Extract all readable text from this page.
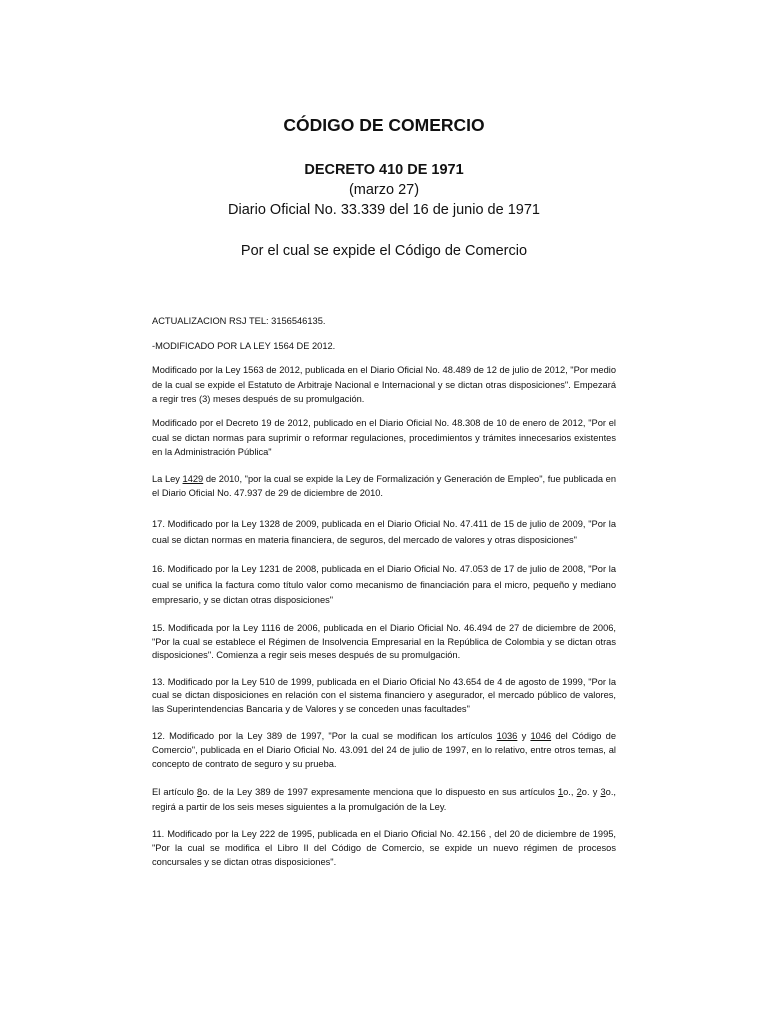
CÓDIGO DE COMERCIO
DECRETO 410 DE 1971
(marzo 27)
Diario Oficial No. 33.339 del 16 de junio de 1971
Por el cual se expide el Código de Comercio

ACTUALIZACION RSJ TEL: 3156546135.

-MODIFICADO POR LA LEY 1564 DE 2012.

Modificado por la Ley 1563 de 2012, publicada en el Diario Oficial No. 48.489 de 12 de julio de 2012, "Por medio de la cual se expide el Estatuto de Arbitraje Nacional e Internacional y se dictan otras disposiciones". Empezará a regir tres (3) meses después de su promulgación.

Modificado por el Decreto 19 de 2012, publicado en el Diario Oficial No. 48.308 de 10 de enero de 2012, "Por el cual se dictan normas para suprimir o reformar regulaciones, procedimientos y trámites innecesarios existentes en la Administración Pública"

La Ley 1429 de 2010, "por la cual se expide la Ley de Formalización y Generación de Empleo", fue publicada en el Diario Oficial No. 47.937 de 29 de diciembre de 2010.

17. Modificado por la Ley 1328 de 2009, publicada en el Diario Oficial No. 47.411 de 15 de julio de 2009, "Por la cual se dictan normas en materia financiera, de seguros, del mercado de valores y otras disposiciones"

16. Modificado por la Ley 1231 de 2008, publicada en el Diario Oficial No. 47.053 de 17 de julio de 2008, "Por la cual se unifica la factura como título valor como mecanismo de financiación para el micro, pequeño y mediano empresario, y se dictan otras disposiciones"

15. Modificada por la Ley 1116 de 2006, publicada en el Diario Oficial No. 46.494 de 27 de diciembre de 2006, "Por la cual se establece el Régimen de Insolvencia Empresarial en la República de Colombia y se dictan otras disposiciones". Comienza a regir seis meses después de su promulgación.

13. Modificado por la Ley 510 de 1999, publicada en el Diario Oficial No 43.654 de 4 de agosto de 1999, "Por la cual se dictan disposiciones en relación con el sistema financiero y asegurador, el mercado público de valores, las Superintendencias Bancaria y de Valores y se conceden unas facultades"

12. Modificado por la Ley 389 de 1997, "Por la cual se modifican los artículos 1036 y 1046 del Código de Comercio", publicada en el Diario Oficial No. 43.091 del 24 de julio de 1997, en lo relativo, entre otros temas, al concepto de contrato de seguro y su prueba.

El artículo 8o. de la Ley 389 de 1997 expresamente menciona que lo dispuesto en sus artículos 1o., 2o. y 3o., regirá a partir de los seis meses siguientes a la promulgación de la Ley.

11. Modificado por la Ley 222 de 1995, publicada en el Diario Oficial No. 42.156 , del 20 de diciembre de 1995, "Por la cual se modifica el Libro II del Código de Comercio, se expide un nuevo régimen de procesos concursales y se dictan otras disposiciones".
